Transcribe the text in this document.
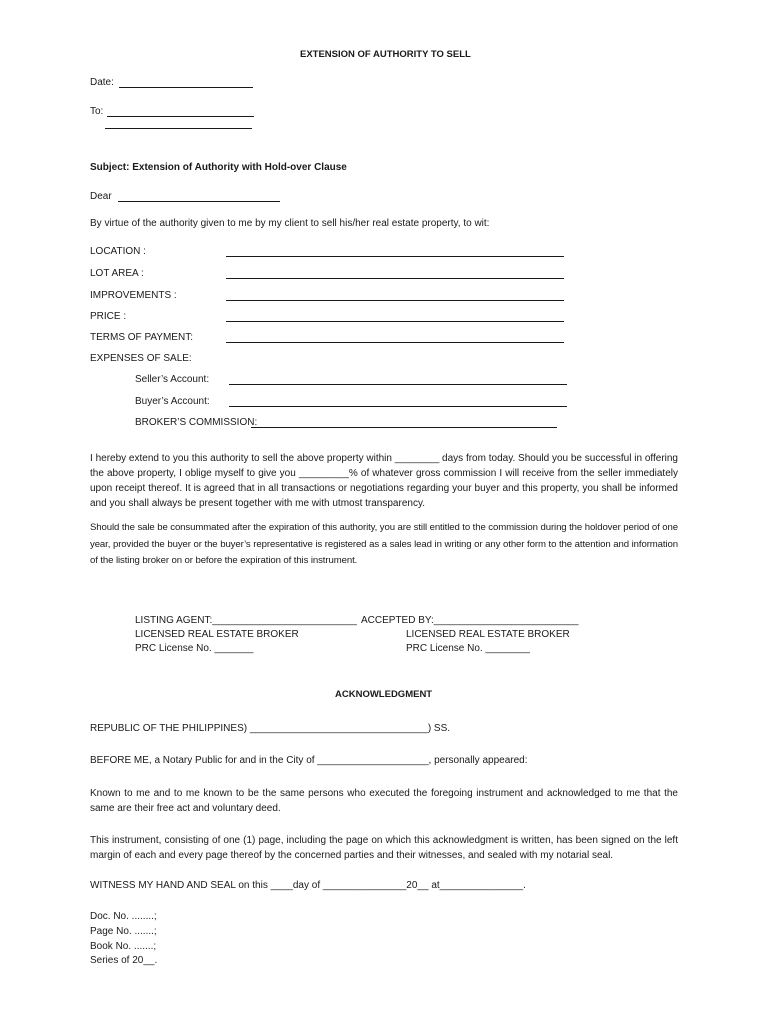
EXTENSION OF AUTHORITY TO SELL
Date:
To:
Subject: Extension of Authority with Hold-over Clause
Dear
By virtue of the authority given to me by my client to sell his/her real estate property, to wit:
LOCATION :
LOT AREA :
IMPROVEMENTS :
PRICE :
TERMS OF PAYMENT:
EXPENSES OF SALE:
Seller’s Account:
Buyer’s Account:
BROKER’S COMMISSION:
I hereby extend to you this authority to sell the above property within ________ days from today. Should you be successful in offering the above property, I oblige myself to give you _________% of whatever gross commission I will receive from the seller immediately upon receipt thereof. It is agreed that in all transactions or negotiations regarding your buyer and this property, you shall be informed and you shall always be present together with me with utmost transparency.
Should the sale be consummated after the expiration of this authority, you are still entitled to the commission during the holdover period of one year, provided the buyer or the buyer’s representative is registered as a sales lead in writing or any other form to the attention and information of the listing broker on or before the expiration of this instrument.
LISTING AGENT:__________________________ ACCEPTED BY:__________________________
LICENSED REAL ESTATE BROKER	LICENSED REAL ESTATE BROKER
PRC License No. _______	PRC License No. ________
ACKNOWLEDGMENT
REPUBLIC OF THE PHILIPPINES) ________________________________) SS.
BEFORE ME, a Notary Public for and in the City of ____________________, personally appeared:
Known to me and to me known to be the same persons who executed the foregoing instrument and acknowledged to me that the same are their free act and voluntary deed.
This instrument, consisting of one (1) page, including the page on which this acknowledgment is written, has been signed on the left margin of each and every page thereof by the concerned parties and their witnesses, and sealed with my notarial seal.
WITNESS MY HAND AND SEAL on this ____day of _______________20__ at_______________.
Doc. No. ........;
Page No. .......;
Book No. .......;
Series of 20__.
